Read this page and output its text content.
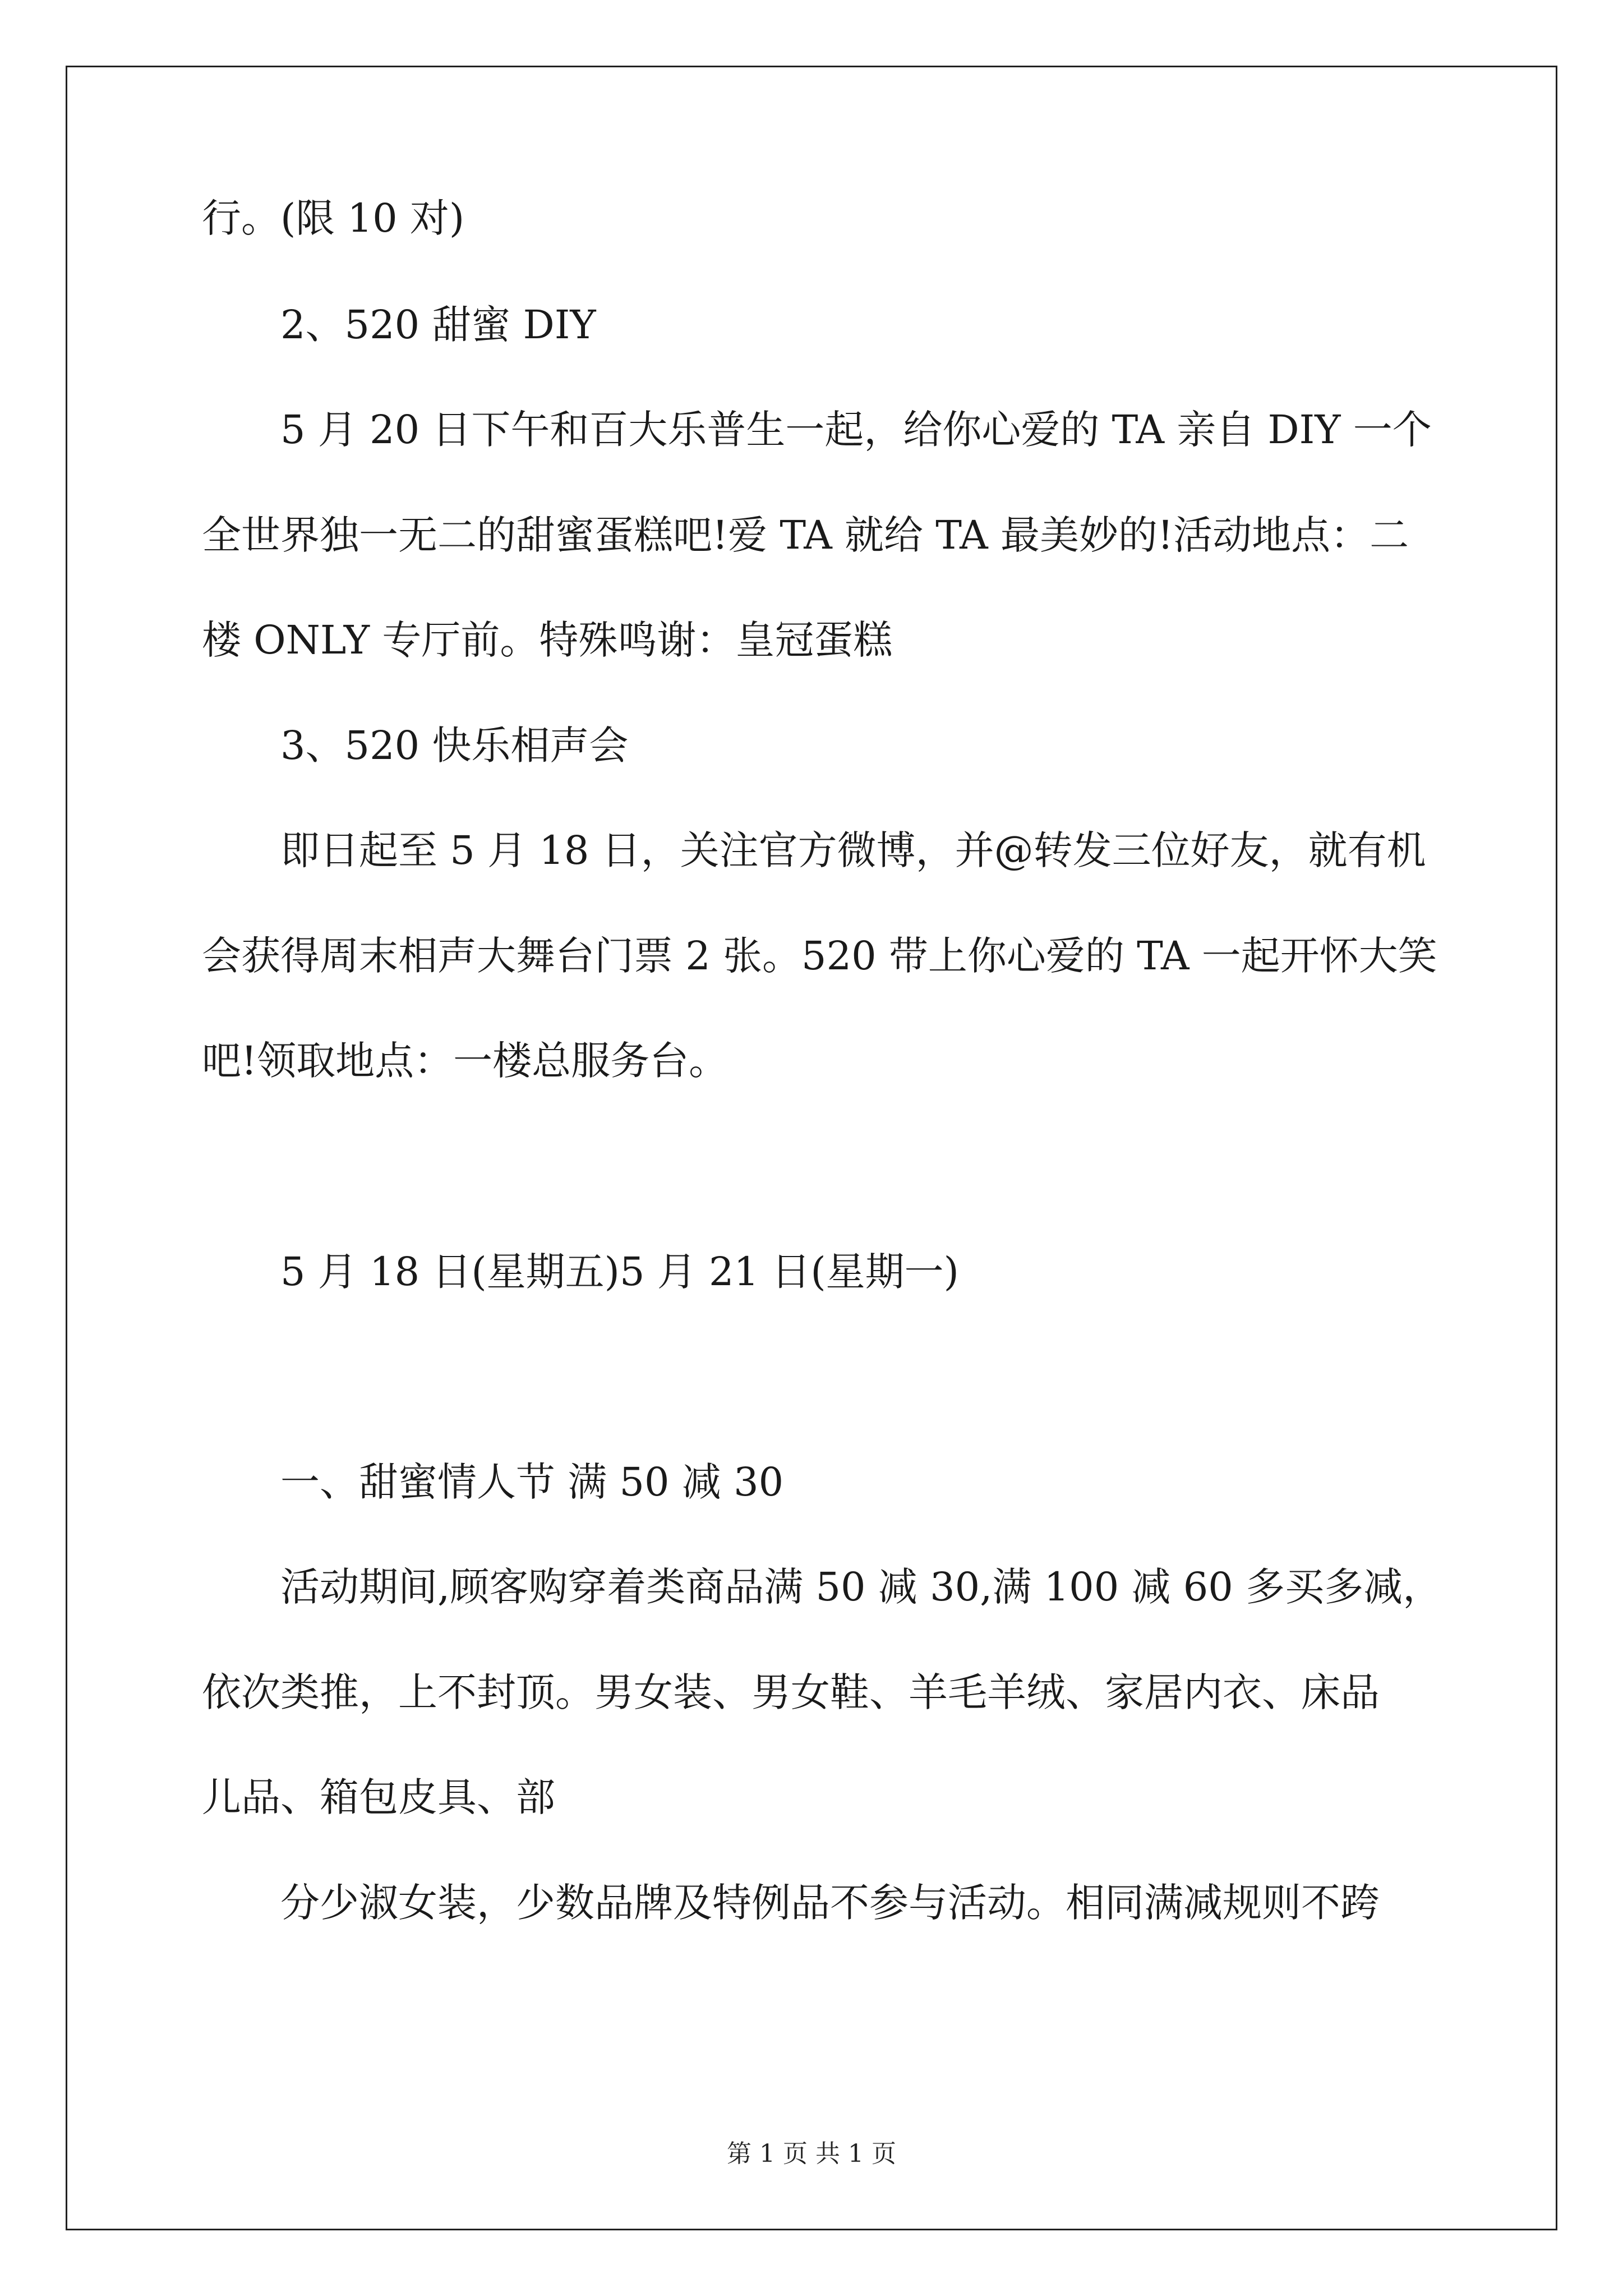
行。(限 10 对)

2、520 甜蜜 DIY

5 月 20 日下午和百大乐普生一起，给你心爱的 TA 亲自 DIY 一个

全世界独一无二的甜蜜蛋糕吧!爱 TA 就给 TA 最美妙的!活动地点：二

楼 ONLY 专厅前。特殊鸣谢：皇冠蛋糕

3、520 快乐相声会

即日起至 5 月 18 日，关注官方微博，并@转发三位好友，就有机

会获得周末相声大舞台门票 2 张。520 带上你心爱的 TA 一起开怀大笑

吧!领取地点：一楼总服务台。

5 月 18 日(星期五)5 月 21 日(星期一)

一、甜蜜情人节 满 50 减 30

活动期间,顾客购穿着类商品满 50 减 30,满 100 减 60 多买多减，

依次类推，上不封顶。男女装、男女鞋、羊毛羊绒、家居内衣、床品

儿品、箱包皮具、部

分少淑女装，少数品牌及特例品不参与活动。相同满减规则不跨

第 1 页 共 1 页
